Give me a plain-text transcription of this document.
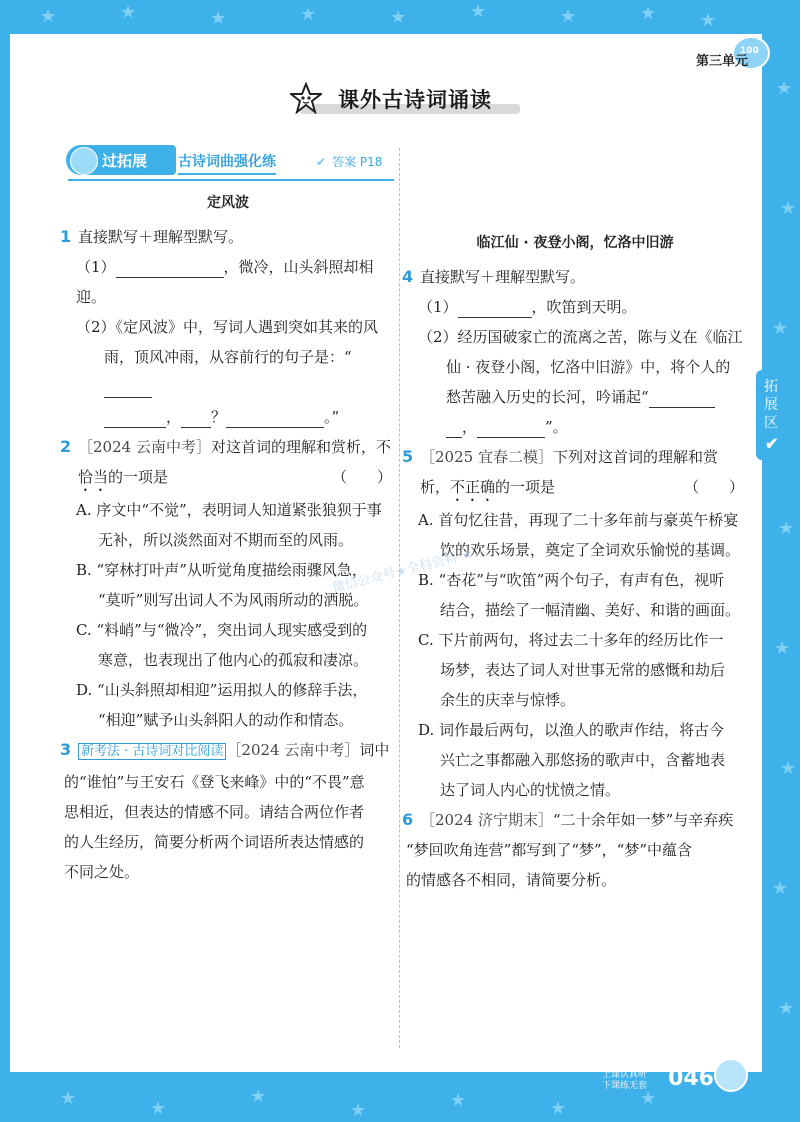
★	★	★	★	★	★	★	★ ★
★
★
★
★
★
★
★
★
★	★
★
★	★	★	★
100
第三单元
课外古诗词诵读
过拓展 古诗词曲强化练	✔ 答案 P18

定风波

1 直接默写＋理解型默写。

（1）	，微冷，山头斜照却相迎。

（2）《定风波》中，写词人遇到突如其来的风

雨，顶风冲雨，从容前行的句子是：“

， ？	。”

2 ［2024 云南中考］对这首词的理解和赏析，不

恰当的一项是	（　　）

A. 序文中“不觉”，表明词人知道紧张狼狈于事

无补，所以淡然面对不期而至的风雨。

B. “穿林打叶声”从听觉角度描绘雨骤风急，

“莫听”则写出词人不为风雨所动的洒脱。

C. “料峭”与“微冷”，突出词人现实感受到的

寒意，也表现出了他内心的孤寂和凄凉。

D. “山头斜照却相迎”运用拟人的修辞手法，

“相迎”赋予山头斜阳人的动作和情态。

3 新考法 · 古诗词对比阅读 ［2024 云南中考］词中

的“谁怕”与王安石《登飞来峰》中的“不畏”意

思相近，但表达的情感不同。请结合两位作者

的人生经历，简要分析两个词语所表达情感的

不同之处。

临江仙 · 夜登小阁，忆洛中旧游

4 直接默写＋理解型默写。

（1）	，吹笛到天明。

（2）经历国破家亡的流离之苦，陈与义在《临江

仙 · 夜登小阁，忆洛中旧游》中，将个人的

愁苦融入历史的长河，吟诵起“

，	”。

5 ［2025 宜春二模］下列对这首词的理解和赏

析，不正确的一项是	（　　）

A. 首句忆往昔，再现了二十多年前与豪英午桥宴

饮的欢乐场景，奠定了全词欢乐愉悦的基调。

B. “杏花”与“吹笛”两个句子，有声有色，视听

结合，描绘了一幅清幽、美好、和谐的画面。

C. 下片前两句，将过去二十多年的经历比作一

场梦，表达了词人对世事无常的感慨和劫后

余生的庆幸与惊悸。

D. 词作最后两句，以渔人的歌声作结，将古今

兴亡之事都融入那悠扬的歌声中，含蓄地表

达了词人内心的忧愤之情。

6 ［2024 济宁期末］“二十余年如一梦”与辛弃疾

“梦回吹角连营”都写到了“梦”，“梦”中蕴含

的情感各不相同，请简要分析。

拓展区
✔
微信公众号★全科资料·★
上课认真听 下课练无套 046
